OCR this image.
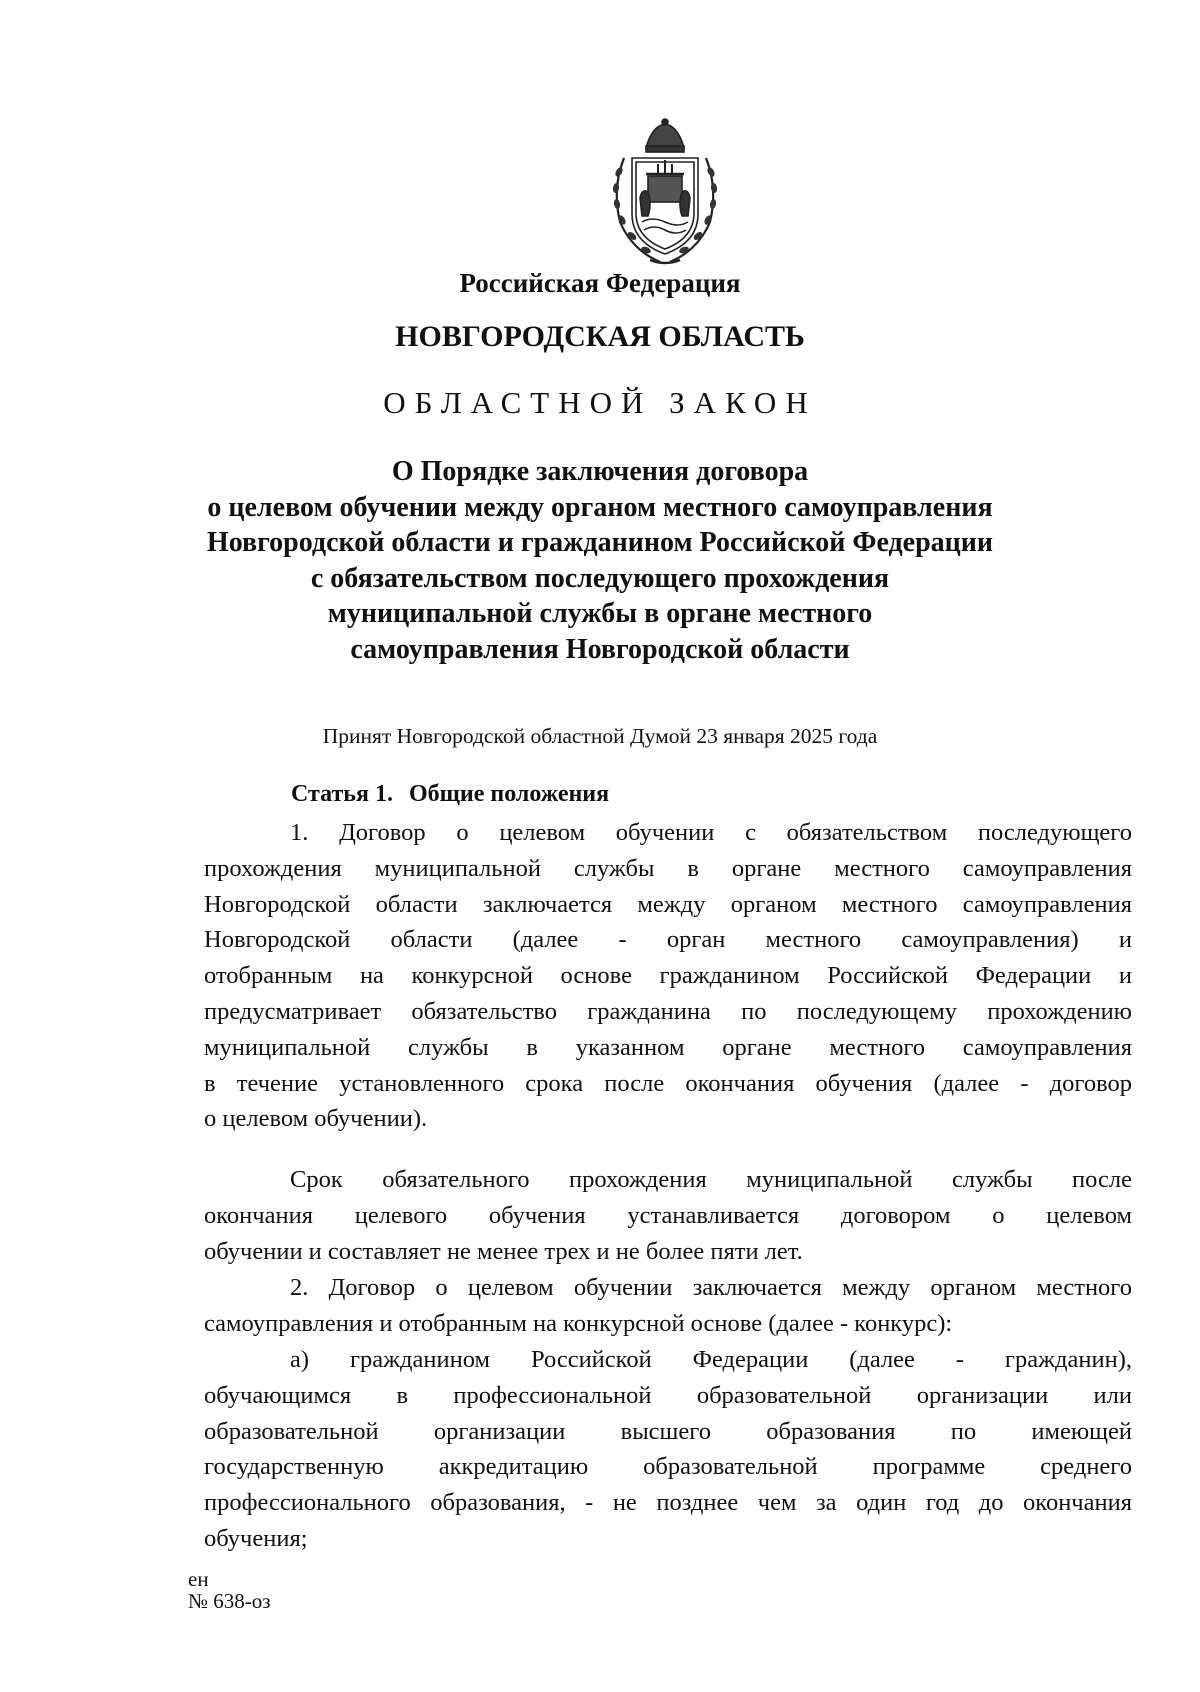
Российская Федерация
НОВГОРОДСКАЯ ОБЛАСТЬ
ОБЛАСТНОЙ ЗАКОН
О Порядке заключения договора
о целевом обучении между органом местного самоуправления
Новгородской области и гражданином Российской Федерации
с обязательством последующего прохождения
муниципальной службы в органе местного
самоуправления Новгородской области
Принят Новгородской областной Думой 23 января 2025 года
Статья 1. Общие положения
1. Договор о целевом обучении с обязательством последующего
прохождения муниципальной службы в органе местного самоуправления
Новгородской области заключается между органом местного самоуправления
Новгородской области (далее - орган местного самоуправления) и
отобранным на конкурсной основе гражданином Российской Федерации и
предусматривает обязательство гражданина по последующему прохождению
муниципальной службы в указанном органе местного самоуправления
в течение установленного срока после окончания обучения (далее - договор
о целевом обучении).
Срок обязательного прохождения муниципальной службы после
окончания целевого обучения устанавливается договором о целевом
обучении и составляет не менее трех и не более пяти лет.
2. Договор о целевом обучении заключается между органом местного
самоуправления и отобранным на конкурсной основе (далее - конкурс):
а) гражданином Российской Федерации (далее - гражданин),
обучающимся в профессиональной образовательной организации или
образовательной организации высшего образования по имеющей
государственную аккредитацию образовательной программе среднего
профессионального образования, - не позднее чем за один год до окончания
обучения;
ен
№ 638-оз
